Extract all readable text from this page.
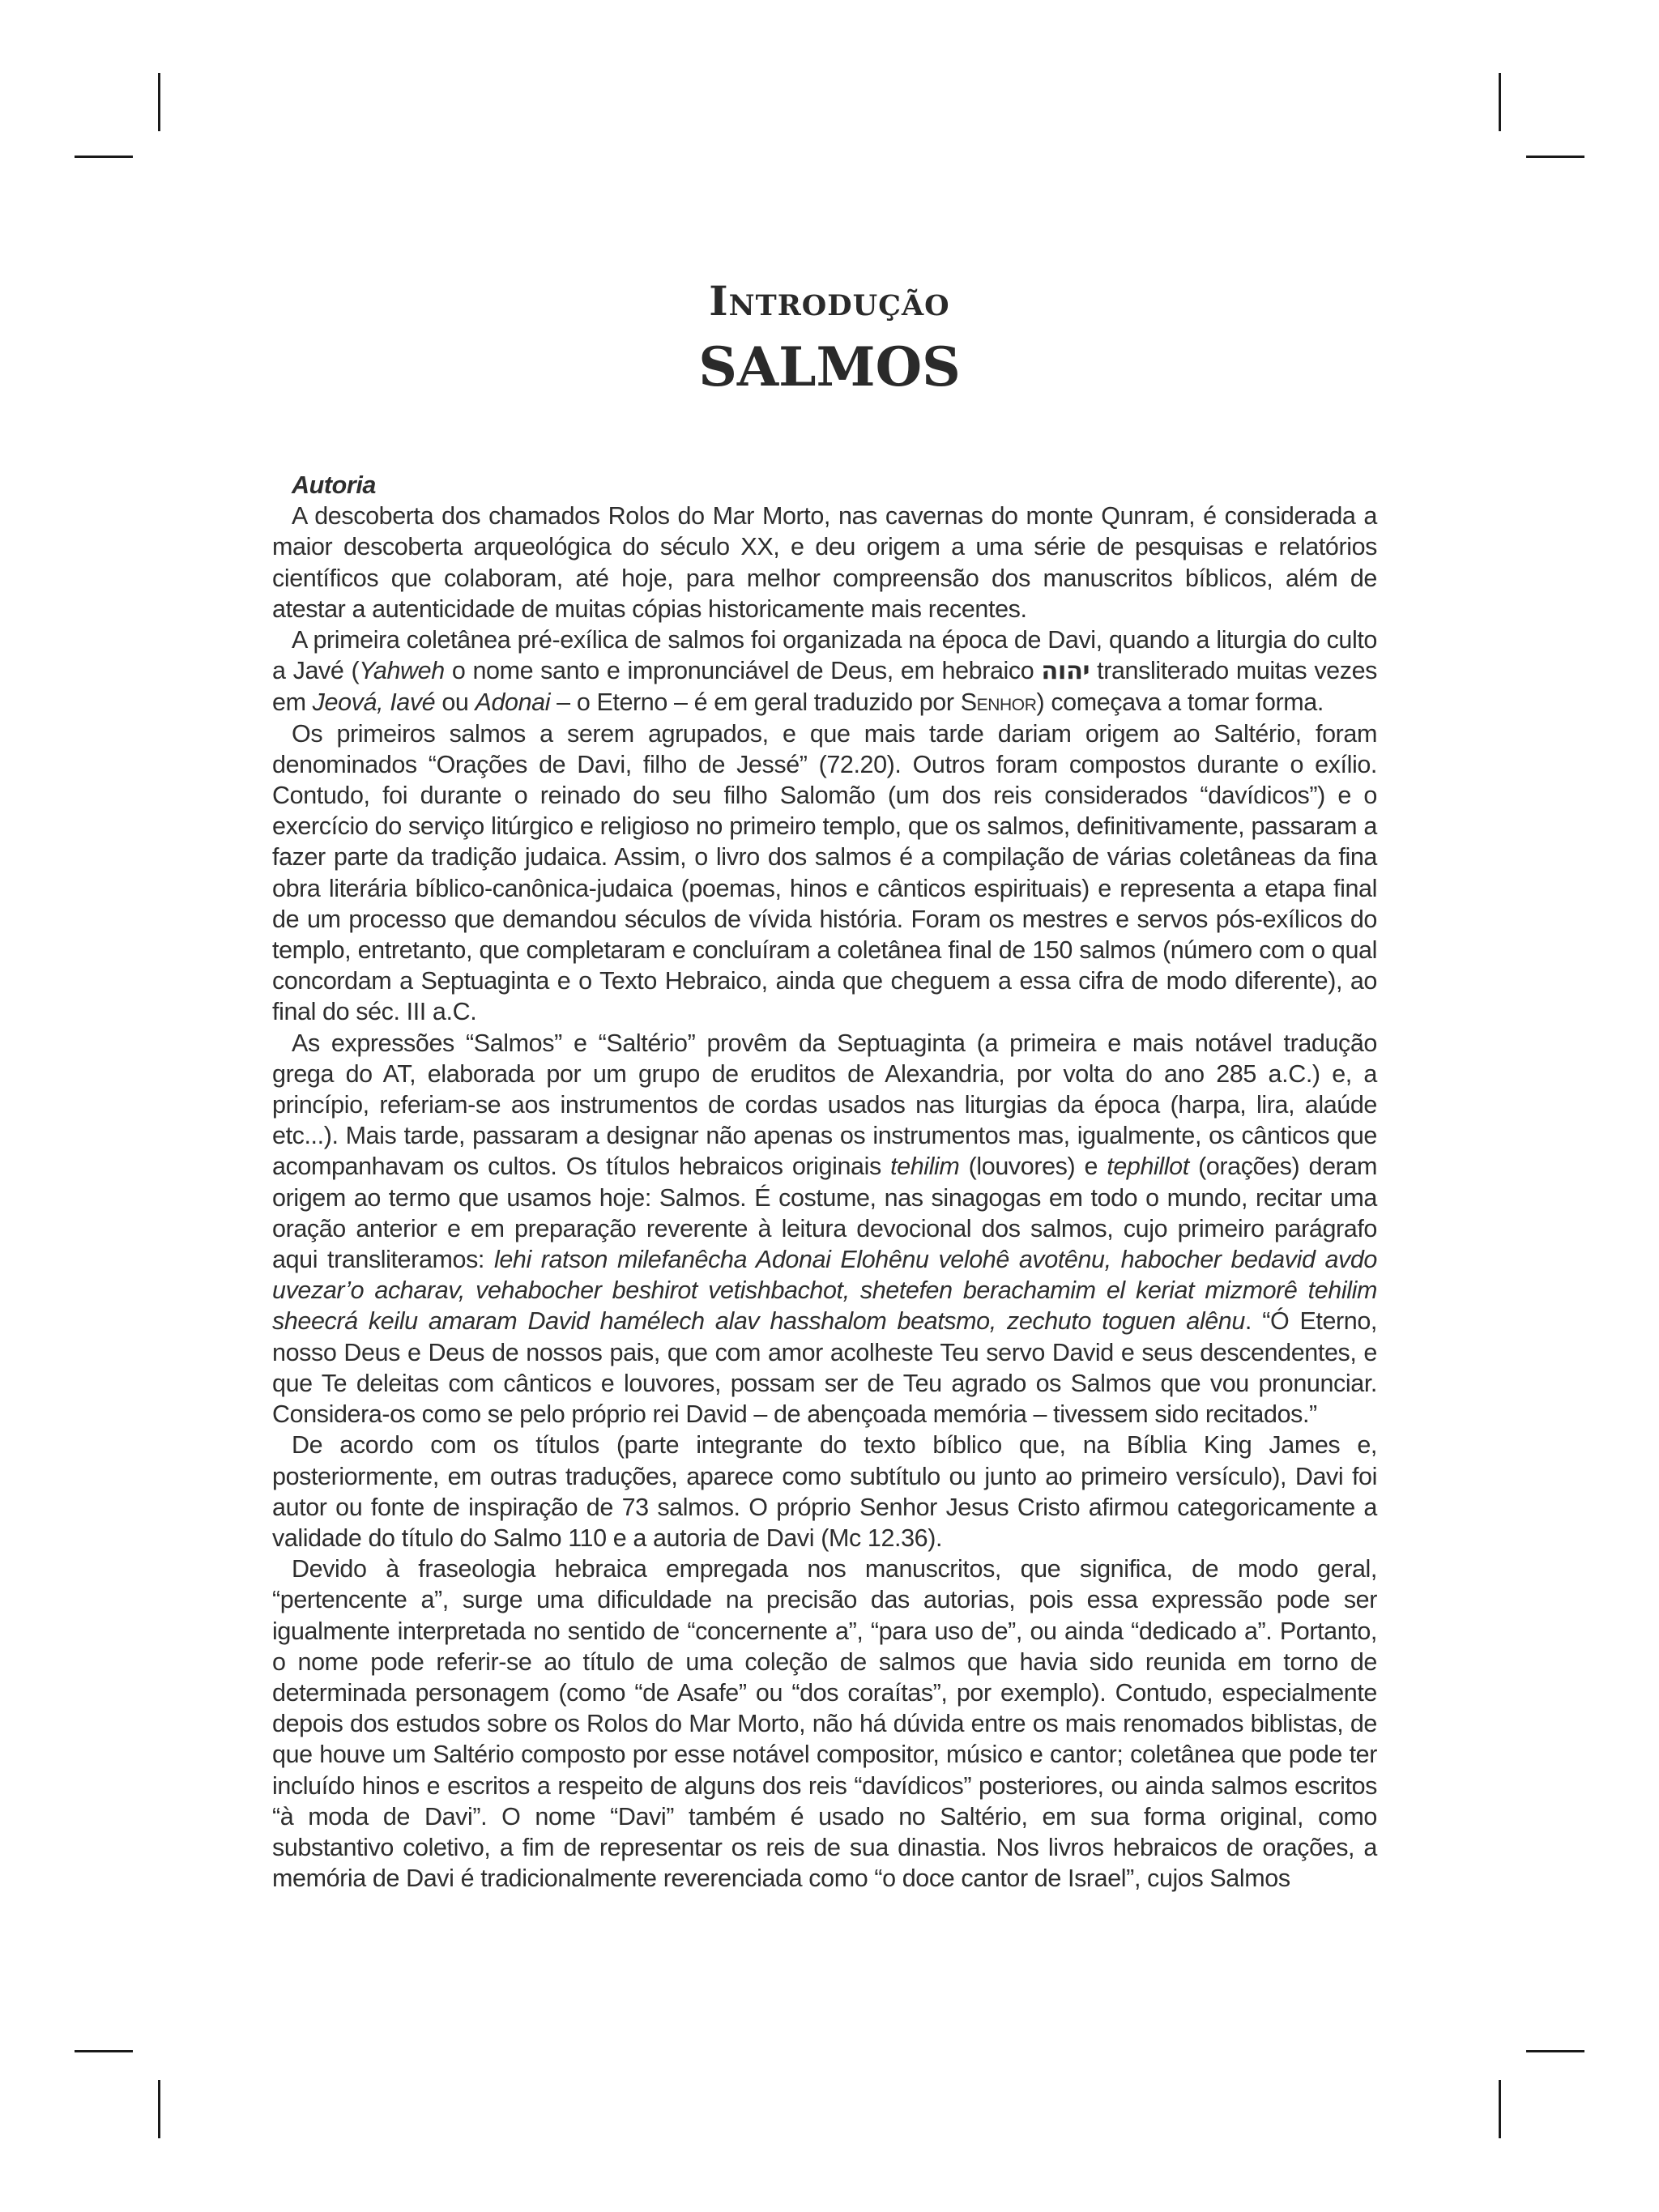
Introdução
SALMOS
Autoria

A descoberta dos chamados Rolos do Mar Morto, nas cavernas do monte Qunram, é considerada a maior descoberta arqueológica do século XX, e deu origem a uma série de pesquisas e relatórios científicos que colaboram, até hoje, para melhor compreensão dos manuscritos bíblicos, além de atestar a autenticidade de muitas cópias historicamente mais recentes.

A primeira coletânea pré-exílica de salmos foi organizada na época de Davi, quando a liturgia do culto a Javé (Yahweh o nome santo e impronunciável de Deus, em hebraico יהוה transliterado muitas vezes em Jeová, Iavé ou Adonai – o Eterno – é em geral traduzido por Senhor) começava a tomar forma.

Os primeiros salmos a serem agrupados, e que mais tarde dariam origem ao Saltério, foram denominados “Orações de Davi, filho de Jessé” (72.20). Outros foram compostos durante o exílio. Contudo, foi durante o reinado do seu filho Salomão (um dos reis considerados “davídicos”) e o exercício do serviço litúrgico e religioso no primeiro templo, que os salmos, definitivamente, passaram a fazer parte da tradição judaica. Assim, o livro dos salmos é a compilação de várias coletâneas da fina obra literária bíblico-canônica-judaica (poemas, hinos e cânticos espirituais) e representa a etapa final de um processo que demandou séculos de vívida história. Foram os mestres e servos pós-exílicos do templo, entretanto, que completaram e concluíram a coletânea final de 150 salmos (número com o qual concordam a Septuaginta e o Texto Hebraico, ainda que cheguem a essa cifra de modo diferente), ao final do séc. III a.C.

As expressões “Salmos” e “Saltério” provêm da Septuaginta (a primeira e mais notável tradução grega do AT, elaborada por um grupo de eruditos de Alexandria, por volta do ano 285 a.C.) e, a princípio, referiam-se aos instrumentos de cordas usados nas liturgias da época (harpa, lira, alaúde etc...). Mais tarde, passaram a designar não apenas os instrumentos mas, igualmente, os cânticos que acompanhavam os cultos. Os títulos hebraicos originais tehilim (louvores) e tephillot (orações) deram origem ao termo que usamos hoje: Salmos. É costume, nas sinagogas em todo o mundo, recitar uma oração anterior e em preparação reverente à leitura devocional dos salmos, cujo primeiro parágrafo aqui transliteramos: lehi ratson milefanêcha Adonai Elohênu velohê avotênu, habocher bedavid avdo uvezar’o acharav, vehabocher beshirot vetishbachot, shetefen berachamim el keriat mizmorê tehilim sheecrá keilu amaram David hamélech alav hasshalom beatsmo, zechuto toguen alênu. “Ó Eterno, nosso Deus e Deus de nossos pais, que com amor acolheste Teu servo David e seus descendentes, e que Te deleitas com cânticos e louvores, possam ser de Teu agrado os Salmos que vou pronunciar. Considera-os como se pelo próprio rei David – de abençoada memória – tivessem sido recitados.”

De acordo com os títulos (parte integrante do texto bíblico que, na Bíblia King James e, posteriormente, em outras traduções, aparece como subtítulo ou junto ao primeiro versículo), Davi foi autor ou fonte de inspiração de 73 salmos. O próprio Senhor Jesus Cristo afirmou categoricamente a validade do título do Salmo 110 e a autoria de Davi (Mc 12.36).

Devido à fraseologia hebraica empregada nos manuscritos, que significa, de modo geral, “pertencente a”, surge uma dificuldade na precisão das autorias, pois essa expressão pode ser igualmente interpretada no sentido de “concernente a”, “para uso de”, ou ainda “dedicado a”. Portanto, o nome pode referir-se ao título de uma coleção de salmos que havia sido reunida em torno de determinada personagem (como “de Asafe” ou “dos coraítas”, por exemplo). Contudo, especialmente depois dos estudos sobre os Rolos do Mar Morto, não há dúvida entre os mais renomados biblistas, de que houve um Saltério composto por esse notável compositor, músico e cantor; coletânea que pode ter incluído hinos e escritos a respeito de alguns dos reis “davídicos” posteriores, ou ainda salmos escritos “à moda de Davi”. O nome “Davi” também é usado no Saltério, em sua forma original, como substantivo coletivo, a fim de representar os reis de sua dinastia. Nos livros hebraicos de orações, a memória de Davi é tradicionalmente reverenciada como “o doce cantor de Israel”, cujos Salmos
